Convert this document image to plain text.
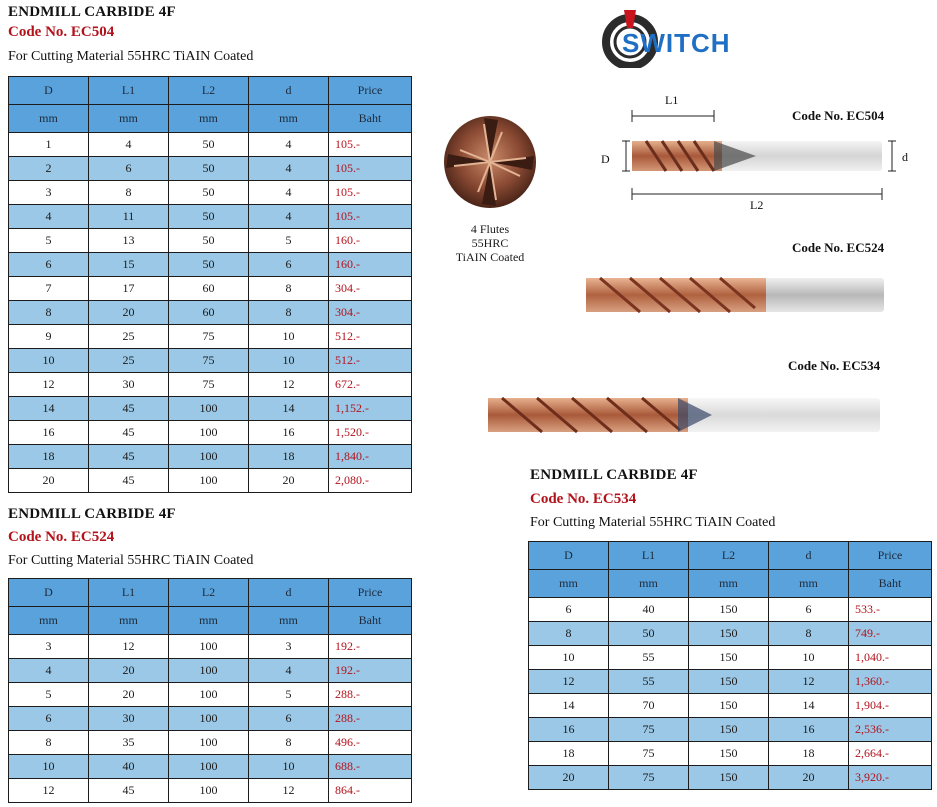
ENDMILL CARBIDE 4F
Code No. EC504
For Cutting Material 55HRC TiAIN Coated
D	L1	L2	d	Price
mm	mm	mm	mm	Baht
1	4	50	4	105.-
2	6	50	4	105.-
3	8	50	4	105.-
4	11	50	4	105.-
5	13	50	5	160.-
6	15	50	6	160.-
7	17	60	8	304.-
8	20	60	8	304.-
9	25	75	10	512.-
10	25	75	10	512.-
12	30	75	12	672.-
14	45	100	14	1,152.-
16	45	100	16	1,520.-
18	45	100	18	1,840.-
20	45	100	20	2,080.-
ENDMILL CARBIDE 4F
Code No. EC524
For Cutting Material 55HRC TiAIN Coated
D	L1	L2	d	Price
mm	mm	mm	mm	Baht
3	12	100	3	192.-
4	20	100	4	192.-
5	20	100	5	288.-
6	30	100	6	288.-
8	35	100	8	496.-
10	40	100	10	688.-
12	45	100	12	864.-
ENDMILL CARBIDE 4F
Code No. EC534
For Cutting Material 55HRC TiAIN Coated
D	L1	L2	d	Price
mm	mm	mm	mm	Baht
6	40	150	6	533.-
8	50	150	8	749.-
10	55	150	10	1,040.-
12	55	150	12	1,360.-
14	70	150	14	1,904.-
16	75	150	16	2,536.-
18	75	150	18	2,664.-
20	75	150	20	3,920.-
SWITCH
4 Flutes
55HRC
TiAIN Coated
Code No. EC504
L1
D	d
L2
Code No. EC524
Code No. EC534
